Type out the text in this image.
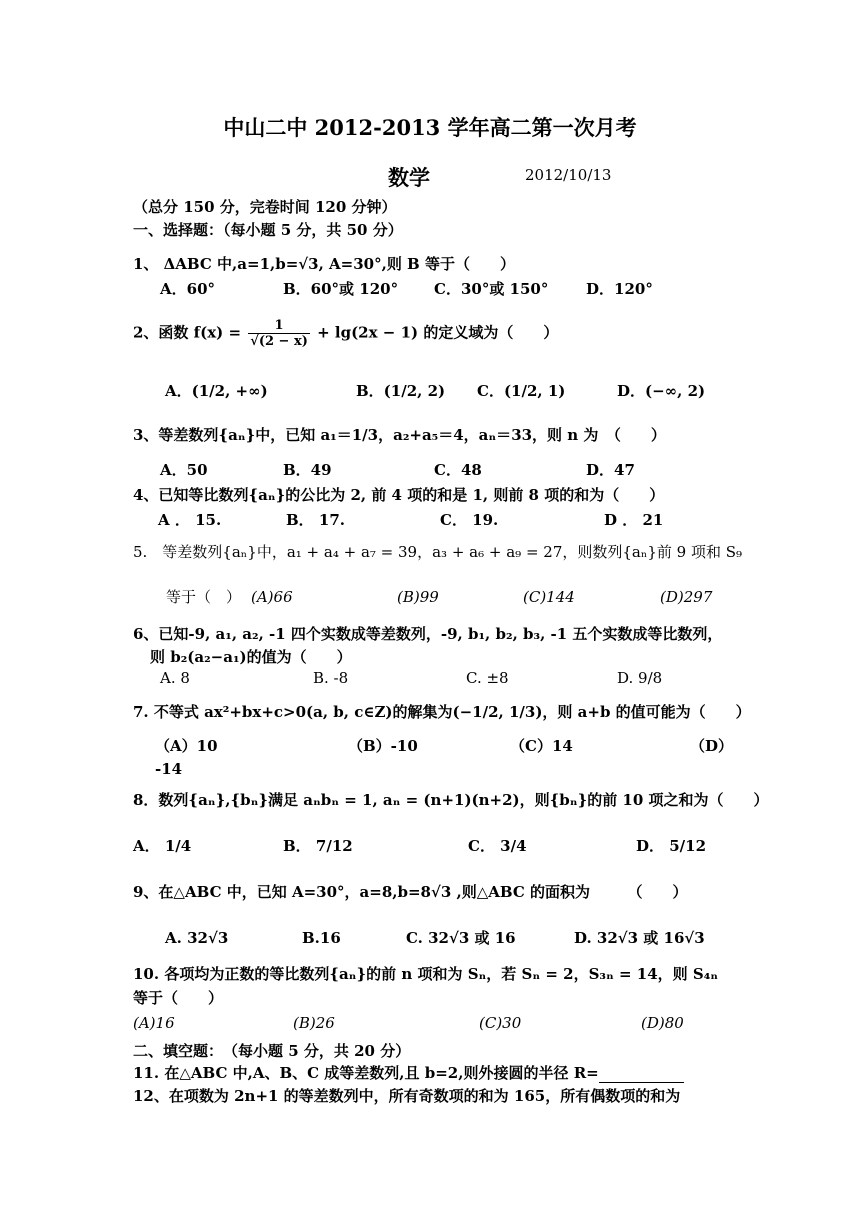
中山二中 2012-2013 学年高二第一次月考
数学	2012/10/13
（总分 150 分，完卷时间 120 分钟）
一、选择题：（每小题 5 分，共 50 分）
1、 ΔABC 中,a=1,b=√3, A=30°,则 B 等于（　　）
A．60°	B．60°或 120° C．30°或 150°	D．120°
2、函数 $f(x) = \frac{1}{√(2 - x)} + \lg(2x - 1)$ 的定义域为（　　）
A．(1/2, +∞)	B．(1/2, 2) C．(1/2, 1)	D．(−∞, 2)
3、等差数列{aₙ}中，已知 a₁＝1/3，a₂+a₅＝4，aₙ＝33，则 n 为　（　　）
A．50	B．49	C．48	D．47
4、已知等比数列{aₙ}的公比为 2, 前 4 项的和是 1, 则前 8 项的和为（　　）
A ． 15.	B． 17.	C． 19.	D ． 21
5.　等差数列{aₙ}中，a₁ + a₄ + a₇ = 39，a₃ + a₆ + a₉ = 27，则数列{aₙ}前 9 项和 S₉
等于（　） (A)66	(B)99	(C)144	(D)297
6、已知-9, a₁, a₂, -1 四个实数成等差数列，-9, b₁, b₂, b₃, -1 五个实数成等比数列，
则 b₂(a₂−a₁)的值为（　　）
A. 8	B. -8	C. ±8	D. 9/8
7. 不等式 ax²+bx+c>0(a, b, c∈Z)的解集为(−1/2, 1/3)，则 a+b 的值可能为（　　）
（A）10	（B）-10	（C）14	（D）
-14
8．数列{aₙ},{bₙ}满足 aₙbₙ = 1, aₙ = (n+1)(n+2)，则{bₙ}的前 10 项之和为（　　）
A． 1/4	B． 7/12	C． 3/4	D． 5/12
9、在△ABC 中，已知 A=30°，a=8,b=8√3 ,则△ABC 的面积为　　　（　　）
A. 32√3	B.16	C. 32√3 或 16	D. 32√3 或 16√3
10. 各项均为正数的等比数列{aₙ}的前 n 项和为 Sₙ，若 Sₙ = 2，S₃ₙ = 14，则 S₄ₙ
等于（　　）
(A)16	(B)26	(C)30	(D)80
二、填空题：　（每小题 5 分，共 20 分）
11. 在△ABC 中,A、B、C 成等差数列,且 b=2,则外接圆的半径 R=
12、在项数为 2n+1 的等差数列中，所有奇数项的和为 165，所有偶数项的和为
